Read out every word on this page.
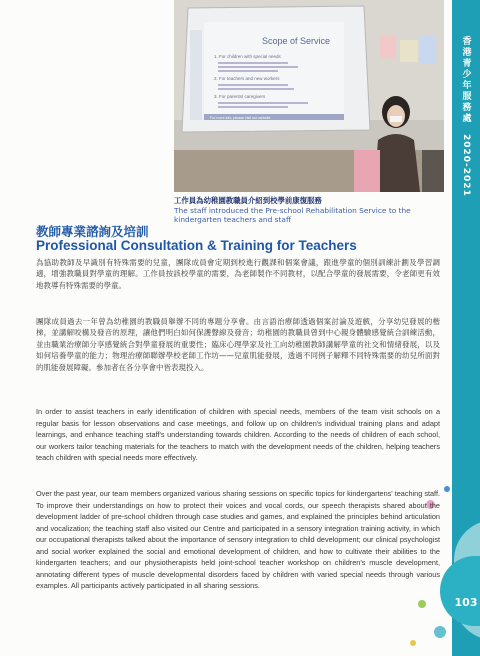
香港青少年服務處
2020-2021
103
Scope of Service
1. For children with special needs
2. For teachers and new workers
3. For parents/ caregivers
For more info, please visit our website
工作員為幼稚園教職員介紹到校學前康復服務
The staff introduced the Pre-school Rehabilitation Service to the kindergarten teachers and staff
教師專業諮詢及培訓
Professional Consultation & Training for Teachers

為協助教師及早識別有特殊需要的兒童，團隊成員會定期到校進行觀課和個案會議，跟進學童的個別訓練計劃及學習調適，增強教職員對學童的理解。工作員按該校學童的需要，為老師製作不同教材，以配合學童的發展需要，令老師更有效地教導有特殊需要的學童。

團隊成員過去一年曾為幼稚園的教職員舉辦不同的專題分享會。由言語治療師透過個案討論及遊戲，分享幼兒發展的楷梯，並講解咬構及發音的原理，讓他們明白如何保護聲線及發音；幼稚園的教職員曾到中心親身體驗感覺統合訓練活動，並由職業治療師分享感覺統合對學童發展的重要性；臨床心理學家及社工向幼稚園教師講解學童的社交和情緒發展，以及如何培養學童的能力；物理治療師聯辦學校老師工作坊——兒童肌能發展，透過不同例子解釋不同特殊需要的幼兒所面對的肌能發展障礙。參加者在各分享會中皆表現投入。

In order to assist teachers in early identification of children with special needs, members of the team visit schools on a regular basis for lesson observations and case meetings, and follow up on children's individual training plans and adapt learnings, and enhance teaching staff's understanding towards children. According to the needs of children of each school, our workers tailor teaching materials for the teachers to match with the development needs of the children, helping teachers teach children with special needs more effectively.

Over the past year, our team members organized various sharing sessions on specific topics for kindergartens' teaching staff. To improve their understandings on how to protect their voices and vocal cords, our speech therapists shared about the development ladder of pre-school children through case studies and games, and explained the principles behind articulation and vocalization; the teaching staff also visited our Centre and participated in a sensory integration training activity, in which our occupational therapists talked about the importance of sensory integration to child development; our clinical psychologist and social worker explained the social and emotional development of children, and how to cultivate their abilities to the kindergarten teachers; and our physiotherapists held joint-school teacher workshop on children's muscle development, annotating different types of muscle developmental disorders faced by children with varied special needs through various examples. All participants actively participated in all sharing sessions.
